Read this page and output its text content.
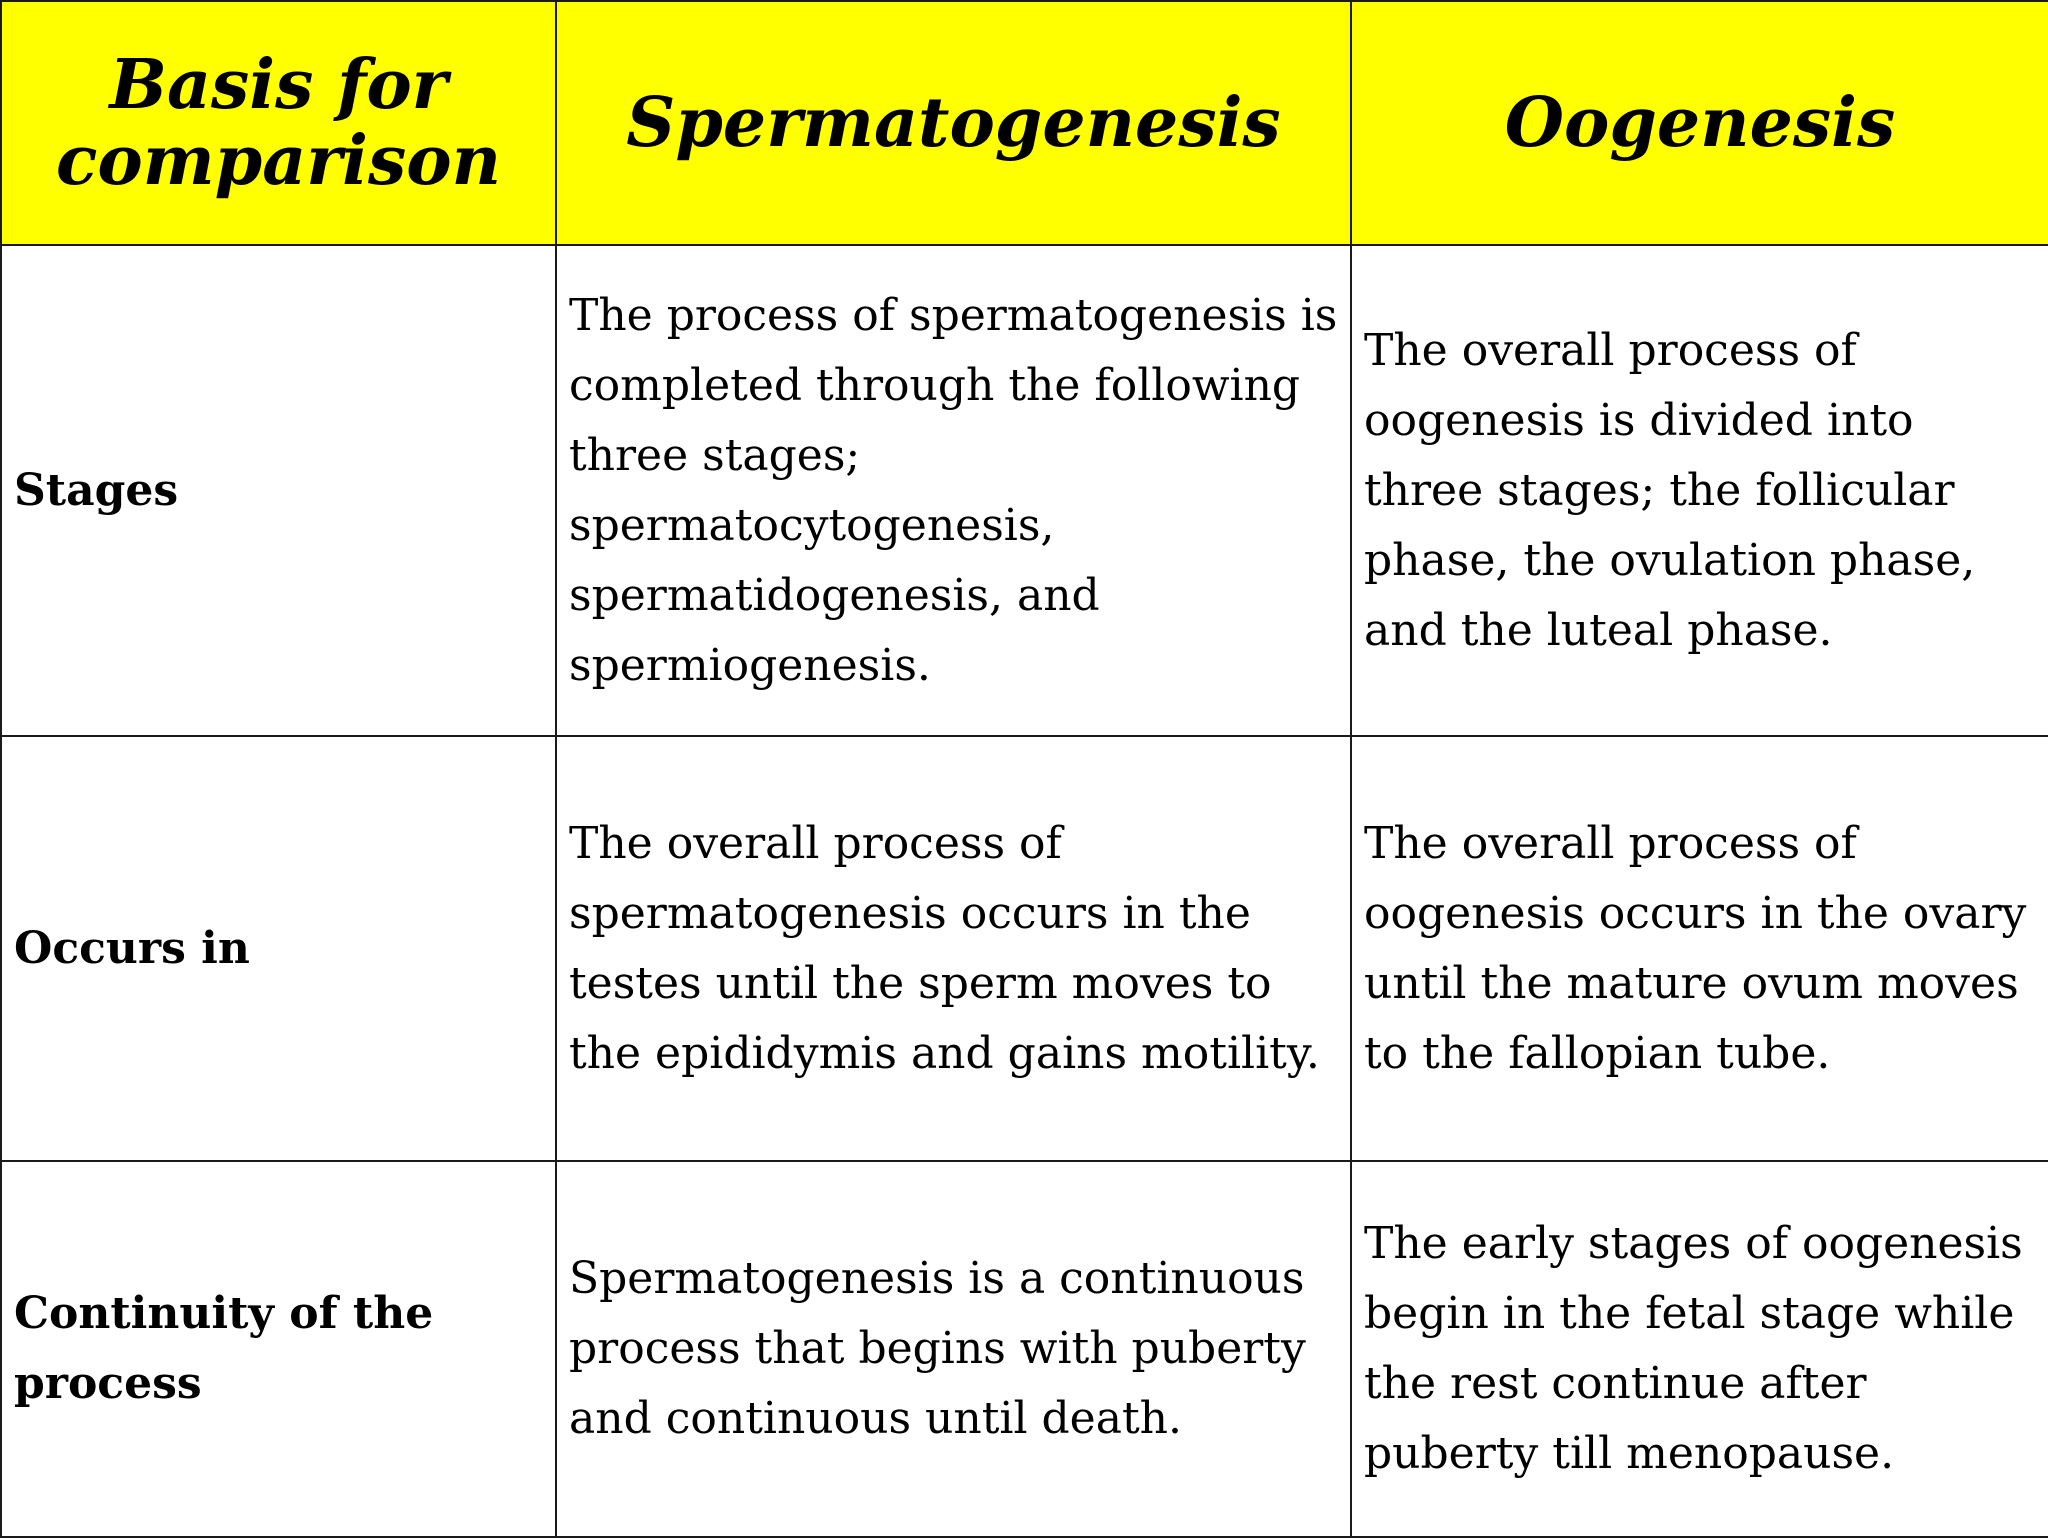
Basis for comparison	Spermatogenesis	Oogenesis
Stages	The process of spermatogenesis is completed through the following three stages; spermatocytogenesis, spermatidogenesis, and spermiogenesis.	The overall process of oogenesis is divided into three stages; the follicular phase, the ovulation phase, and the luteal phase.
Occurs in	The overall process of spermatogenesis occurs in the testes until the sperm moves to the epididymis and gains motility.	The overall process of oogenesis occurs in the ovary until the mature ovum moves to the fallopian tube.
Continuity of the process	Spermatogenesis is a continuous process that begins with puberty and continuous until death.	The early stages of oogenesis begin in the fetal stage while the rest continue after puberty till menopause.
